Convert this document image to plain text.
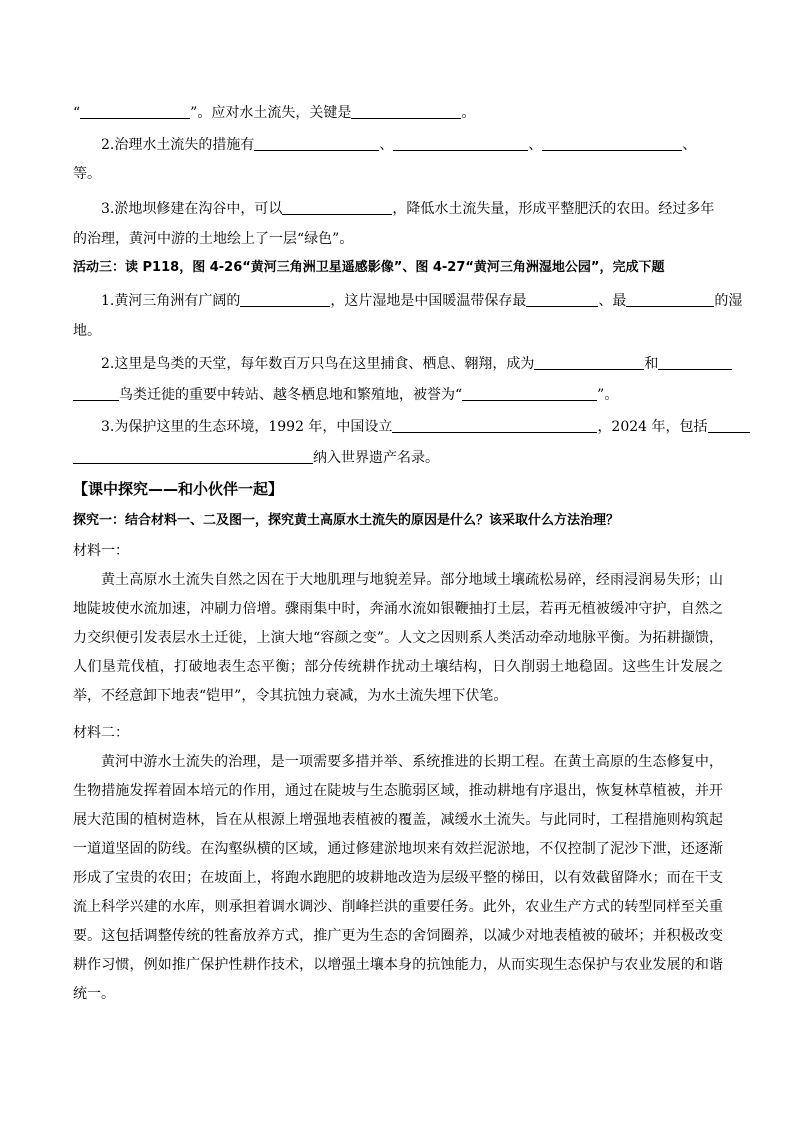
“	”。应对水土流失，关键是	。
2.治理水土流失的措施有	、	、	、
等。
3.淤地坝修建在沟谷中，可以	，降低水土流失量，形成平整肥沃的农田。经过多年
的治理，黄河中游的土地绘上了一层“绿色”。
活动三：读 P118，图 4-26“黄河三角洲卫星遥感影像”、图 4-27“黄河三角洲湿地公园”，完成下题
1.黄河三角洲有广阔的	，这片湿地是中国暖温带保存最	、最	的湿
地。
2.这里是鸟类的天堂，每年数百万只鸟在这里捕食、栖息、翱翔，成为	和
鸟类迁徙的重要中转站、越冬栖息地和繁殖地，被誉为“	”。
3.为保护这里的生态环境，1992 年，中国设立	，2024 年，包括
纳入世界遗产名录。
【课中探究——和小伙伴一起】
探究一：结合材料一、二及图一，探究黄土高原水土流失的原因是什么？该采取什么方法治理？
材料一：
黄土高原水土流失自然之因在于大地肌理与地貌差异。部分地域土壤疏松易碎，经雨浸润易失形；山地陡坡使水流加速，冲刷力倍增。骤雨集中时，奔涌水流如银鞭抽打土层，若再无植被缓冲守护，自然之力交织便引发表层水土迁徙，上演大地“容颜之变”。人文之因则系人类活动牵动地脉平衡。为拓耕撷馈，人们垦荒伐植，打破地表生态平衡；部分传统耕作扰动土壤结构，日久削弱土地稳固。这些生计发展之举，不经意卸下地表“铠甲”，令其抗蚀力衰减，为水土流失埋下伏笔。
材料二：
黄河中游水土流失的治理，是一项需要多措并举、系统推进的长期工程。在黄土高原的生态修复中，生物措施发挥着固本培元的作用，通过在陡坡与生态脆弱区域，推动耕地有序退出，恢复林草植被，并开展大范围的植树造林，旨在从根源上增强地表植被的覆盖，减缓水土流失。与此同时，工程措施则构筑起一道道坚固的防线。在沟壑纵横的区域，通过修建淤地坝来有效拦泥淤地，不仅控制了泥沙下泄，还逐渐形成了宝贵的农田；在坡面上，将跑水跑肥的坡耕地改造为层级平整的梯田，以有效截留降水；而在干支流上科学兴建的水库，则承担着调水调沙、削峰拦洪的重要任务。此外，农业生产方式的转型同样至关重要。这包括调整传统的牲畜放养方式，推广更为生态的舍饲圈养，以减少对地表植被的破坏；并积极改变耕作习惯，例如推广保护性耕作技术，以增强土壤本身的抗蚀能力，从而实现生态保护与农业发展的和谐统一。
